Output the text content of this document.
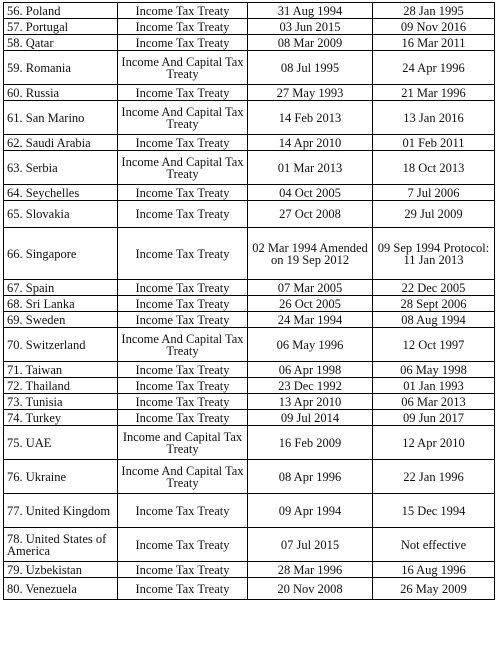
56. Poland	Income Tax Treaty	31 Aug 1994	28 Jan 1995
57. Portugal	Income Tax Treaty	03 Jun 2015	09 Nov 2016
58. Qatar	Income Tax Treaty	08 Mar 2009	16 Mar 2011
59. Romania	Income And Capital Tax Treaty	08 Jul 1995	24 Apr 1996
60. Russia	Income Tax Treaty	27 May 1993	21 Mar 1996
61. San Marino	Income And Capital Tax Treaty	14 Feb 2013	13 Jan 2016
62. Saudi Arabia	Income Tax Treaty	14 Apr 2010	01 Feb 2011
63. Serbia	Income And Capital Tax Treaty	01 Mar 2013	18 Oct 2013
64. Seychelles	Income Tax Treaty	04 Oct 2005	7 Jul 2006
65. Slovakia	Income Tax Treaty	27 Oct 2008	29 Jul 2009
66. Singapore	Income Tax Treaty	02 Mar 1994 Amended on 19 Sep 2012	09 Sep 1994 Protocol: 11 Jan 2013
67. Spain	Income Tax Treaty	07 Mar 2005	22 Dec 2005
68. Sri Lanka	Income Tax Treaty	26 Oct 2005	28 Sept 2006
69. Sweden	Income Tax Treaty	24 Mar 1994	08 Aug 1994
70. Switzerland	Income And Capital Tax Treaty	06 May 1996	12 Oct 1997
71. Taiwan	Income Tax Treaty	06 Apr 1998	06 May 1998
72. Thailand	Income Tax Treaty	23 Dec 1992	01 Jan 1993
73. Tunisia	Income Tax Treaty	13 Apr 2010	06 Mar 2013
74. Turkey	Income Tax Treaty	09 Jul 2014	09 Jun 2017
75. UAE	Income and Capital Tax Treaty	16 Feb 2009	12 Apr 2010
76. Ukraine	Income And Capital Tax Treaty	08 Apr 1996	22 Jan 1996
77. United Kingdom	Income Tax Treaty	09 Apr 1994	15 Dec 1994
78. United States of America	Income Tax Treaty	07 Jul 2015	Not effective
79. Uzbekistan	Income Tax Treaty	28 Mar 1996	16 Aug 1996
80. Venezuela	Income Tax Treaty	20 Nov 2008	26 May 2009
